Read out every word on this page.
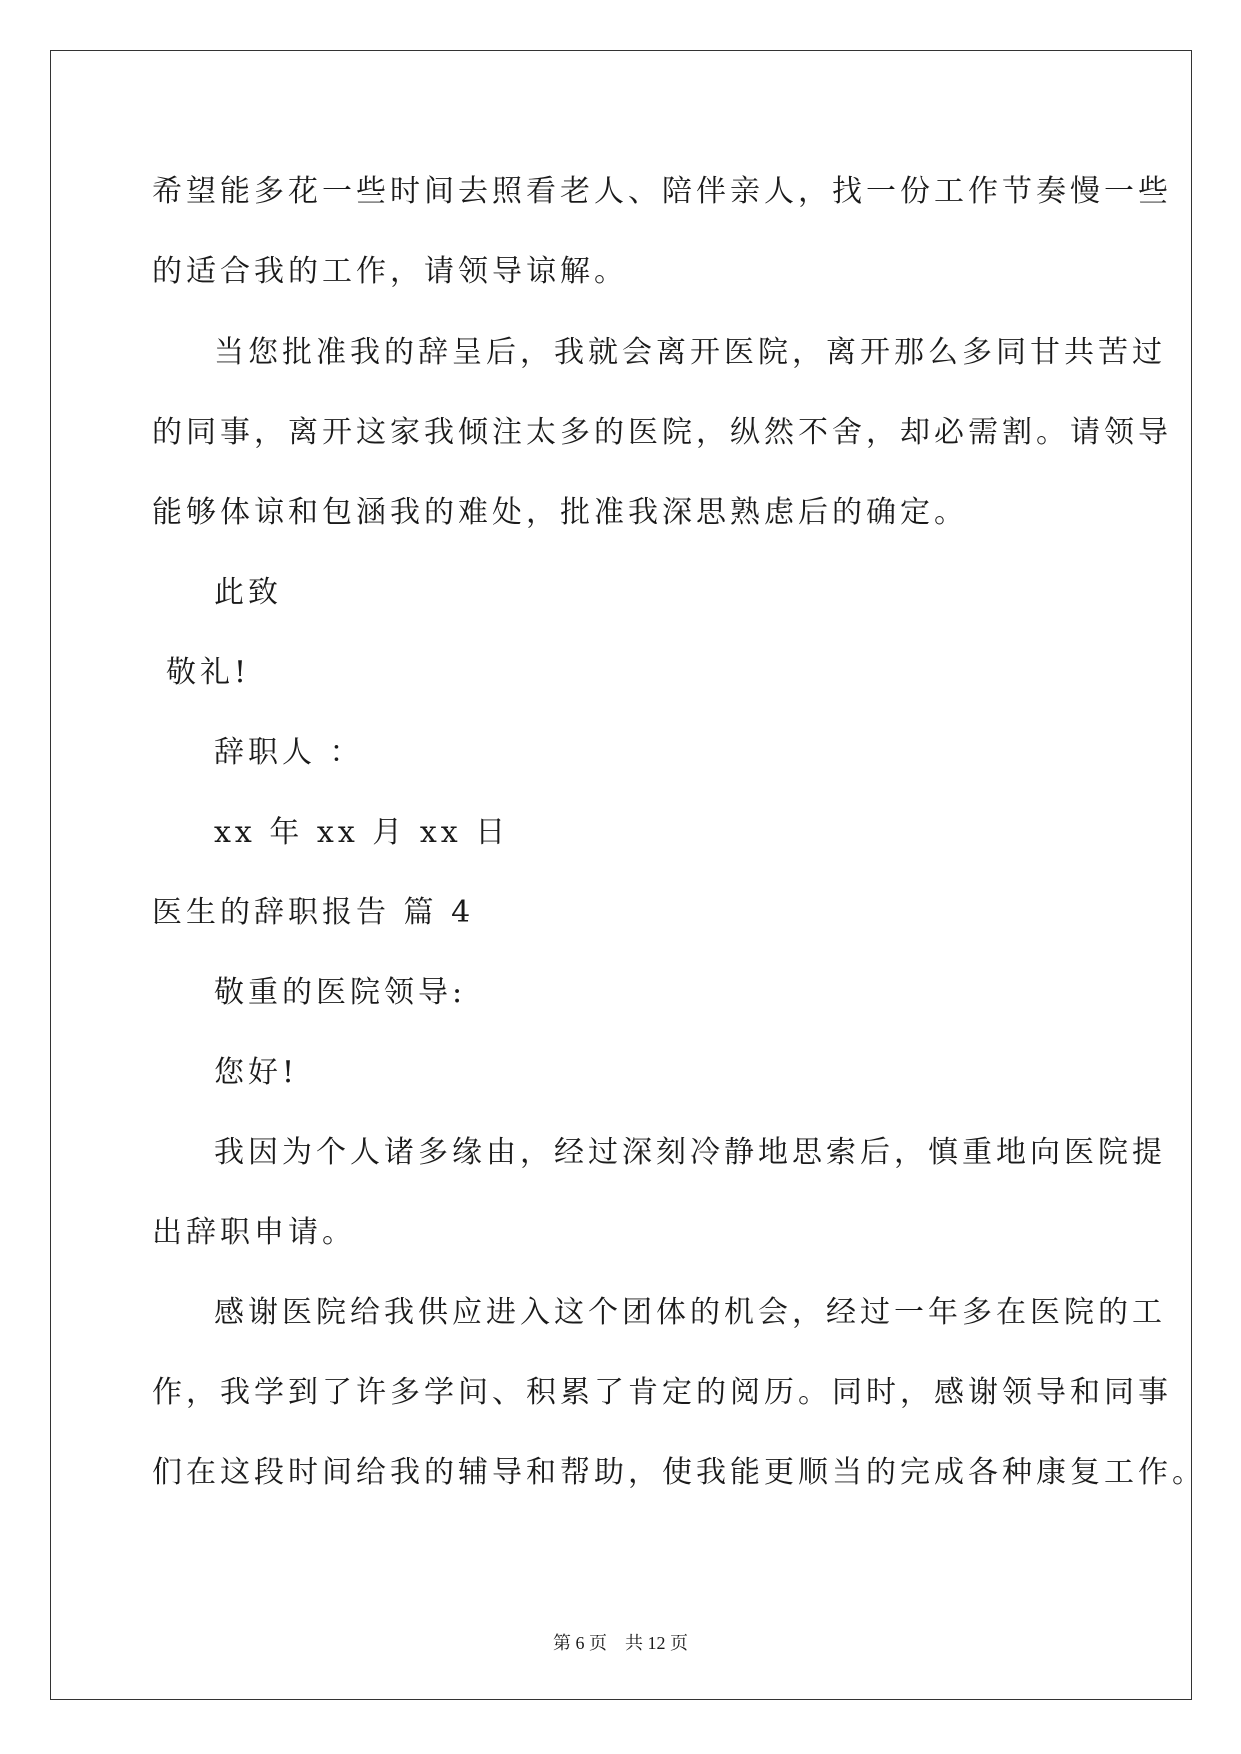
希望能多花一些时间去照看老人、陪伴亲人，找一份工作节奏慢一些
的适合我的工作，请领导谅解。
当您批准我的辞呈后，我就会离开医院，离开那么多同甘共苦过
的同事，离开这家我倾注太多的医院，纵然不舍，却必需割。请领导
能够体谅和包涵我的难处，批准我深思熟虑后的确定。
此致
敬礼!
辞职人 ：
xx 年 xx 月 xx 日
医生的辞职报告 篇 4
敬重的医院领导:
您好!
我因为个人诸多缘由，经过深刻冷静地思索后，慎重地向医院提
出辞职申请。
感谢医院给我供应进入这个团体的机会，经过一年多在医院的工
作，我学到了许多学问、积累了肯定的阅历。同时，感谢领导和同事
们在这段时间给我的辅导和帮助，使我能更顺当的完成各种康复工作。
第 6 页    共 12 页
